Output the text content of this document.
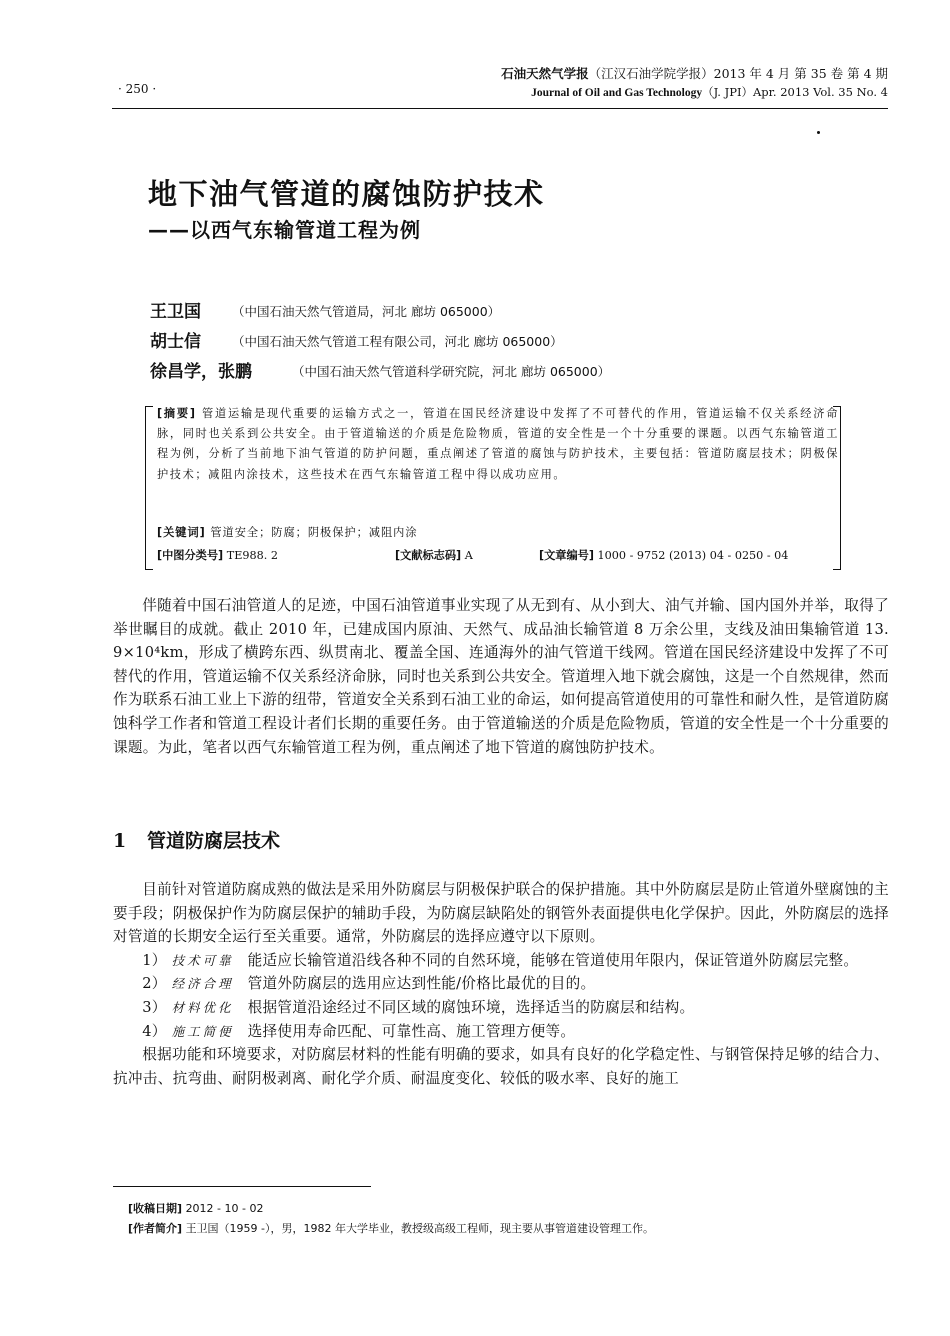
· 250 ·
石油天然气学报（江汉石油学院学报）2013 年 4 月 第 35 卷 第 4 期
Journal of Oil and Gas Technology（J. JPI）Apr. 2013 Vol. 35 No. 4
地下油气管道的腐蚀防护技术
——以西气东输管道工程为例
王卫国 （中国石油天然气管道局，河北 廊坊 065000）
胡士信 （中国石油天然气管道工程有限公司，河北 廊坊 065000）
徐昌学，张鹏	（中国石油天然气管道科学研究院，河北 廊坊 065000）
[摘要] 管道运输是现代重要的运输方式之一，管道在国民经济建设中发挥了不可替代的作用，管道运输不仅关系经济命脉，同时也关系到公共安全。由于管道输送的介质是危险物质，管道的安全性是一个十分重要的课题。以西气东输管道工程为例，分析了当前地下油气管道的防护问题，重点阐述了管道的腐蚀与防护技术，主要包括：管道防腐层技术；阴极保护技术；减阻内涂技术，这些技术在西气东输管道工程中得以成功应用。
[关键词] 管道安全；防腐；阴极保护；减阻内涂
[中图分类号] TE988. 2	[文献标志码] A	[文章编号] 1000 - 9752 (2013) 04 - 0250 - 04

伴随着中国石油管道人的足迹，中国石油管道事业实现了从无到有、从小到大、油气并输、国内国外并举，取得了举世瞩目的成就。截止 2010 年，已建成国内原油、天然气、成品油长输管道 8 万余公里，支线及油田集输管道 13. 9×10⁴km，形成了横跨东西、纵贯南北、覆盖全国、连通海外的油气管道干线网。管道在国民经济建设中发挥了不可替代的作用，管道运输不仅关系经济命脉，同时也关系到公共安全。管道埋入地下就会腐蚀，这是一个自然规律，然而作为联系石油工业上下游的纽带，管道安全关系到石油工业的命运，如何提高管道使用的可靠性和耐久性，是管道防腐蚀科学工作者和管道工程设计者们长期的重要任务。由于管道输送的介质是危险物质，管道的安全性是一个十分重要的课题。为此，笔者以西气东输管道工程为例，重点阐述了地下管道的腐蚀防护技术。

1 管道防腐层技术

目前针对管道防腐成熟的做法是采用外防腐层与阴极保护联合的保护措施。其中外防腐层是防止管道外壁腐蚀的主要手段；阴极保护作为防腐层保护的辅助手段，为防腐层缺陷处的钢管外表面提供电化学保护。因此，外防腐层的选择对管道的长期安全运行至关重要。通常，外防腐层的选择应遵守以下原则。

1） 技术可靠 能适应长输管道沿线各种不同的自然环境，能够在管道使用年限内，保证管道外防腐层完整。

2） 经济合理 管道外防腐层的选用应达到性能/价格比最优的目的。

3） 材料优化 根据管道沿途经过不同区域的腐蚀环境，选择适当的防腐层和结构。

4） 施工简便 选择使用寿命匹配、可靠性高、施工管理方便等。

根据功能和环境要求，对防腐层材料的性能有明确的要求，如具有良好的化学稳定性、与钢管保持足够的结合力、抗冲击、抗弯曲、耐阴极剥离、耐化学介质、耐温度变化、较低的吸水率、良好的施工

[收稿日期] 2012 - 10 - 02
[作者简介] 王卫国（1959 -），男，1982 年大学毕业，教授级高级工程师，现主要从事管道建设管理工作。
